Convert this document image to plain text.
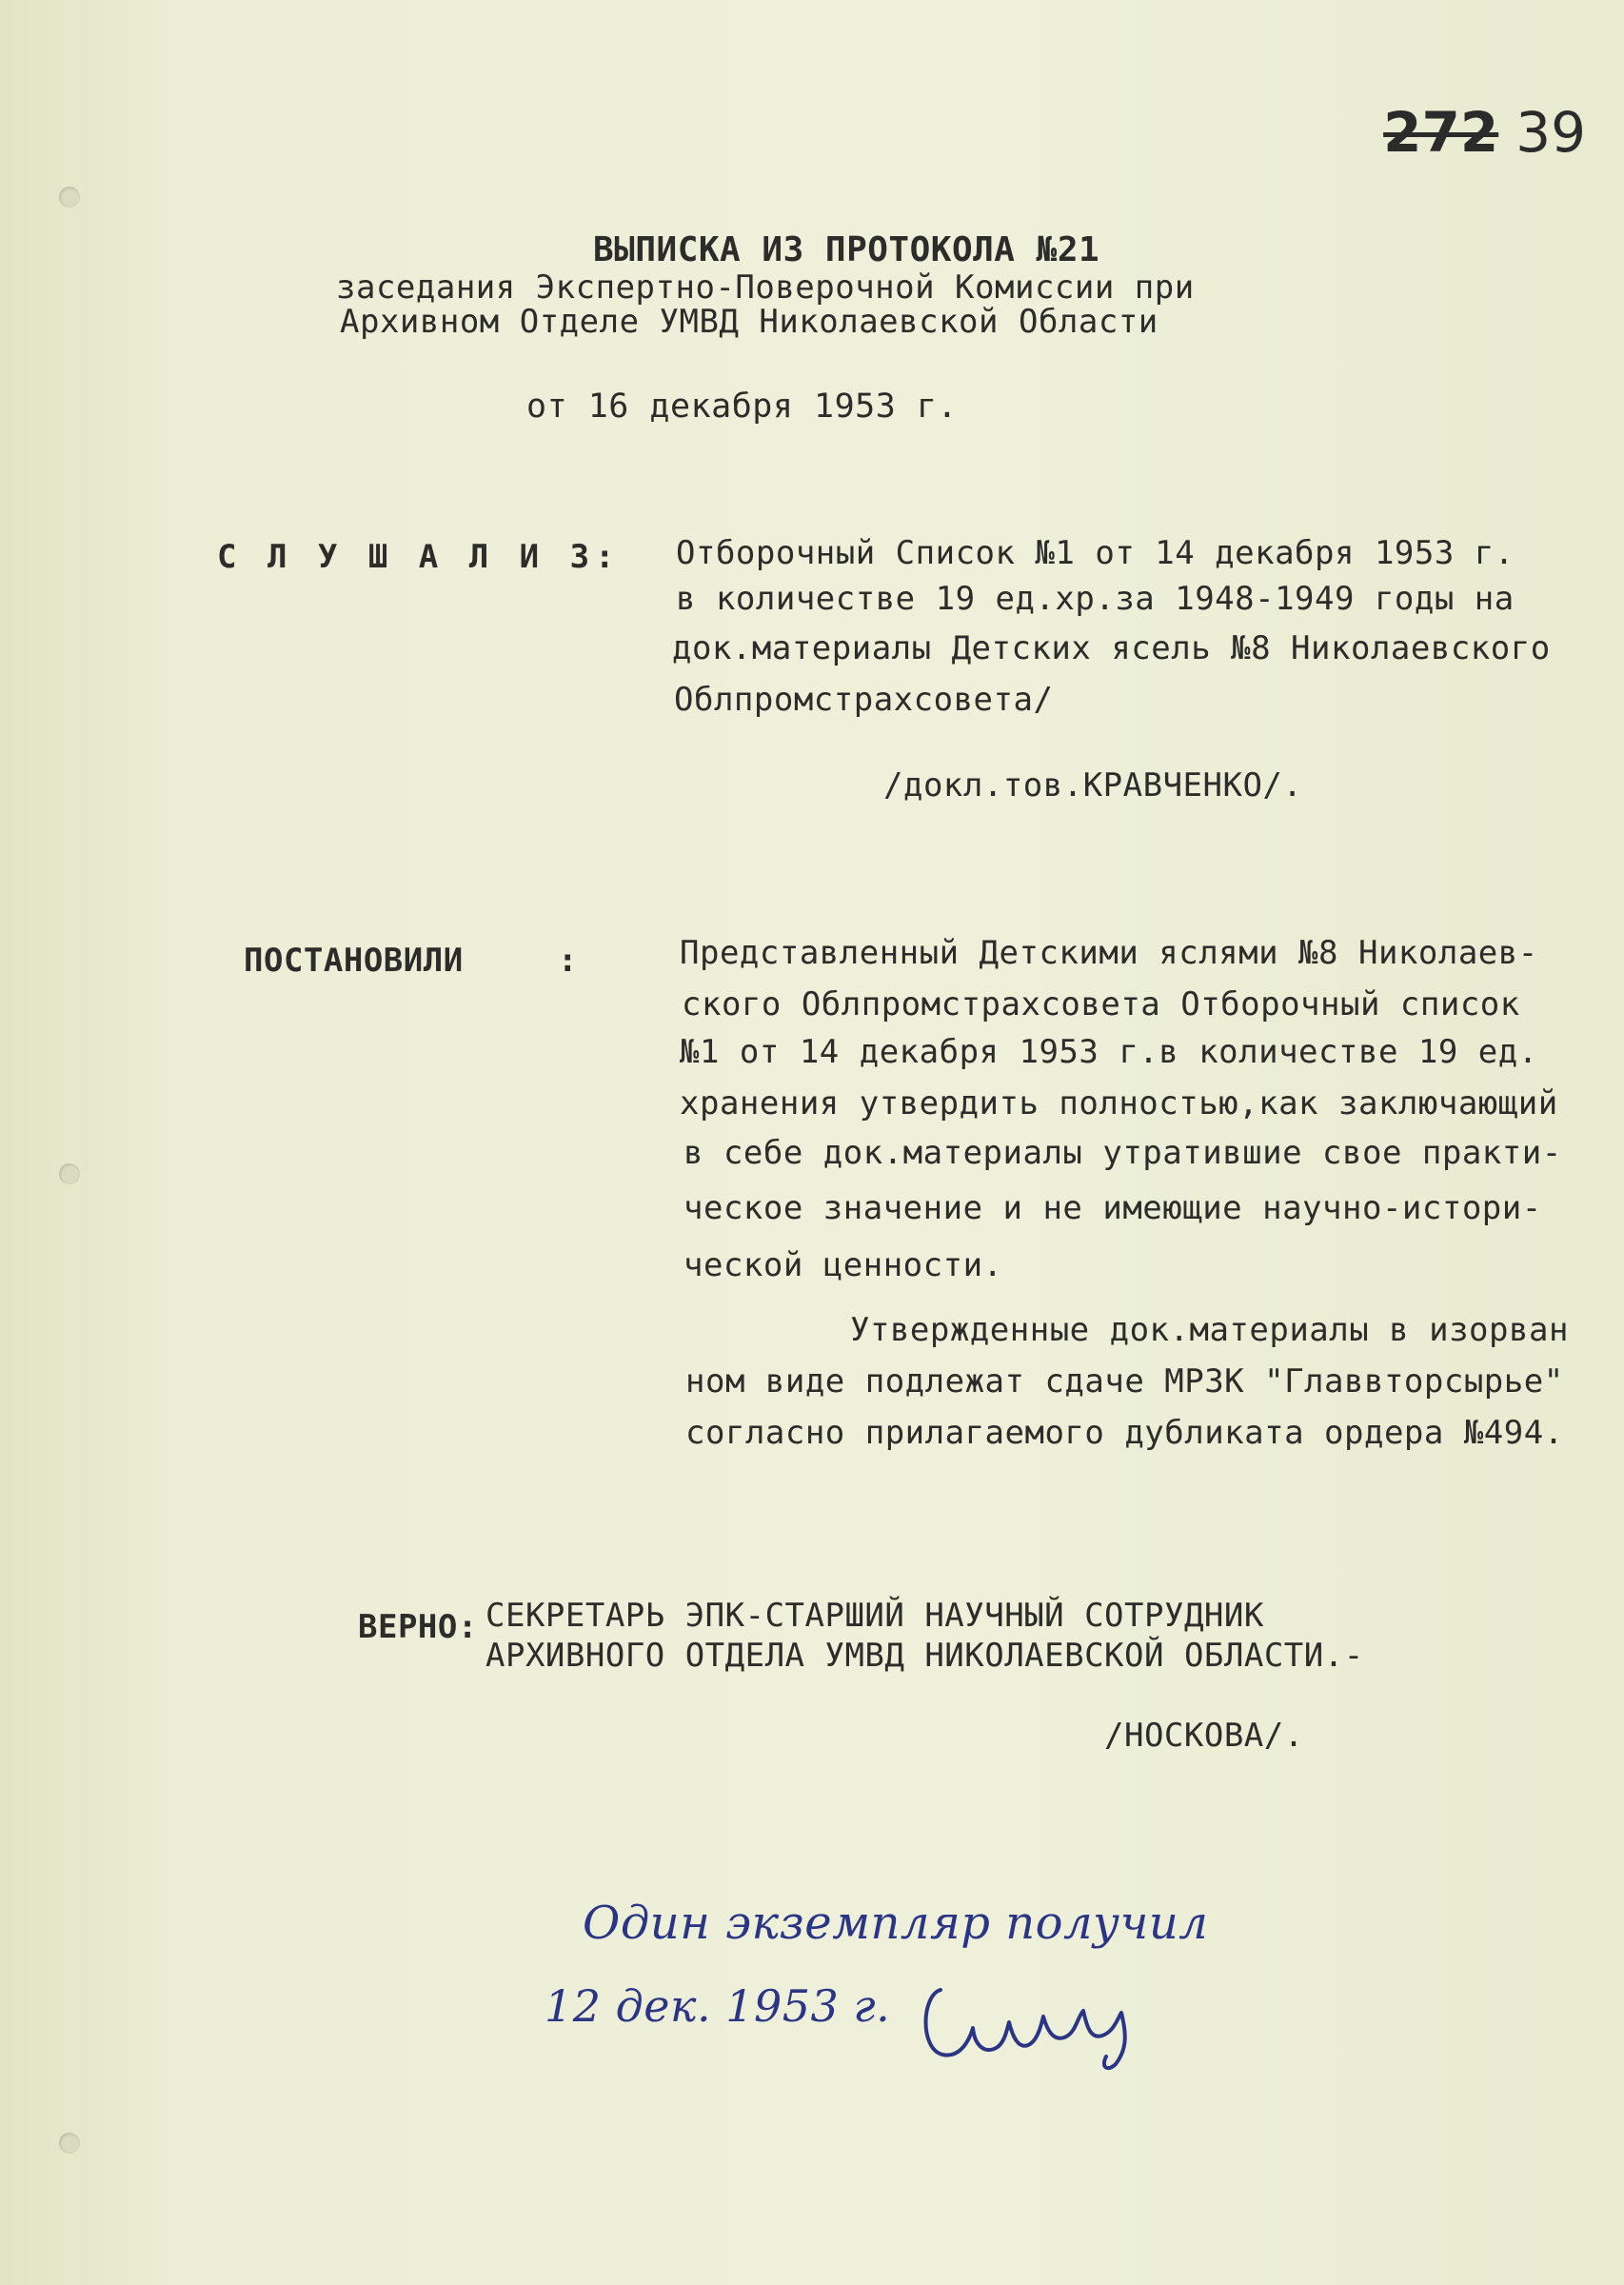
272 39
ВЫПИСКА ИЗ ПРОТОКОЛА №21
заседания Экспертно-Поверочной Комиссии при
Архивном Отделе УМВД Николаевской Области
от 16 декабря 1953 г.
С Л У Ш А Л И З: Отборочный Список №1 от 14 декабря 1953 г.
в количестве 19 ед.хр.за 1948-1949 годы на
док.материалы Детских ясель №8 Николаевского
Облпромстрахсовета/
/докл.тов.КРАВЧЕНКО/.
ПОСТАНОВИЛИ	:	Представленный Детскими яслями №8 Николаев-
ского Облпромстрахсовета Отборочный список
№1 от 14 декабря 1953 г.в количестве 19 ед.
хранения утвердить полностью,как заключающий
в себе док.материалы утратившие свое практи-
ческое значение и не имеющие научно-истори-
ческой ценности.
Утвержденные док.материалы в изорван
ном виде подлежат сдаче МРЗК "Главвторсырье"
согласно прилагаемого дубликата ордера №494.
ВЕРНО: СЕКРЕТАРЬ ЭПК-СТАРШИЙ НАУЧНЫЙ СОТРУДНИК
АРХИВНОГО ОТДЕЛА УМВД НИКОЛАЕВСКОЙ ОБЛАСТИ.-
/НОСКОВА/.
Один экземпляр получил
12 дек. 1953 г.
